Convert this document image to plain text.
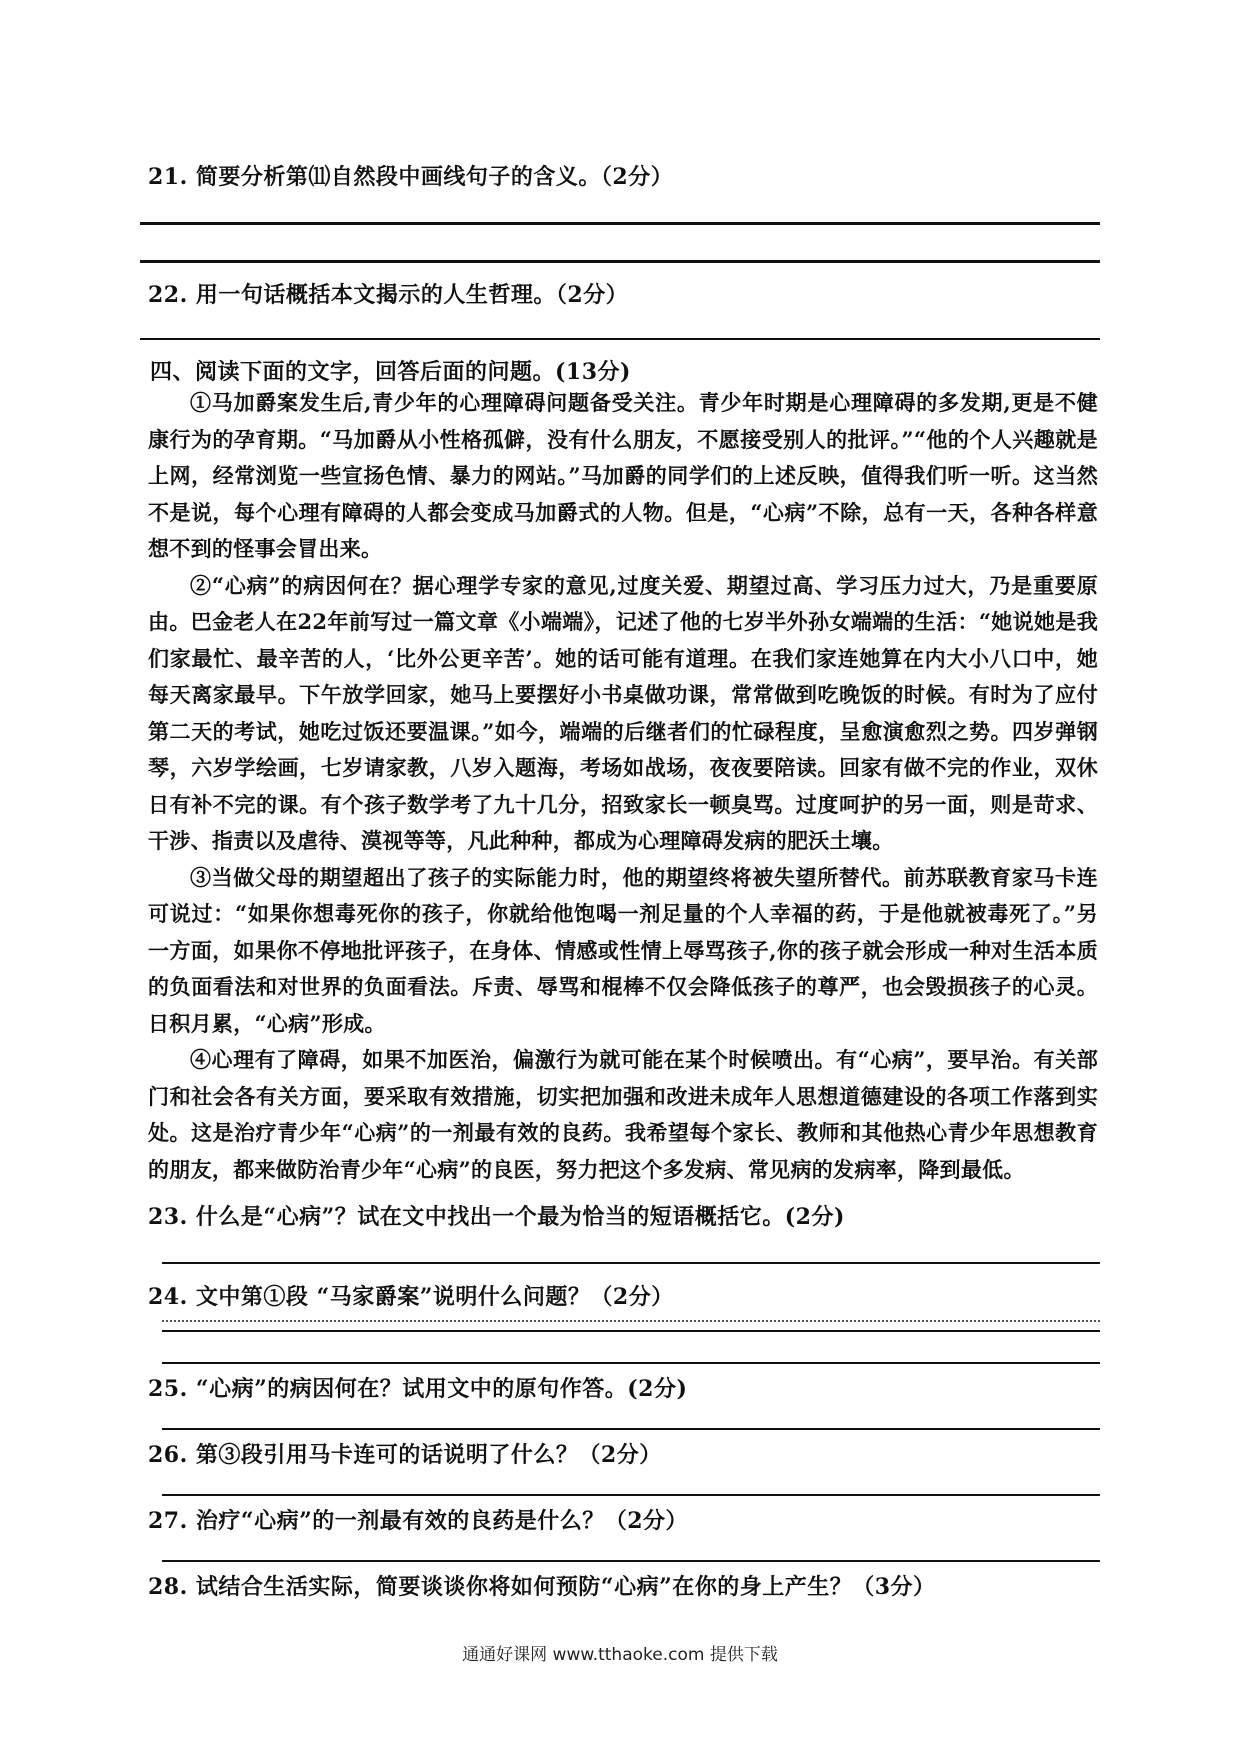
21. 简要分析第⑾自然段中画线句子的含义。（2分）
22. 用一句话概括本文揭示的人生哲理。（2分）
四、阅读下面的文字，回答后面的问题。(13分)

①马加爵案发生后,青少年的心理障碍问题备受关注。青少年时期是心理障碍的多发期,更是不健康行为的孕育期。“马加爵从小性格孤僻，没有什么朋友，不愿接受别人的批评。”“他的个人兴趣就是上网，经常浏览一些宣扬色情、暴力的网站。”马加爵的同学们的上述反映，值得我们听一听。这当然不是说，每个心理有障碍的人都会变成马加爵式的人物。但是，“心病”不除，总有一天，各种各样意想不到的怪事会冒出来。

②“心病”的病因何在？据心理学专家的意见,过度关爱、期望过高、学习压力过大，乃是重要原由。巴金老人在22年前写过一篇文章《小端端》，记述了他的七岁半外孙女端端的生活：“她说她是我们家最忙、最辛苦的人，‘比外公更辛苦’。她的话可能有道理。在我们家连她算在内大小八口中，她每天离家最早。下午放学回家，她马上要摆好小书桌做功课，常常做到吃晚饭的时候。有时为了应付第二天的考试，她吃过饭还要温课。”如今，端端的后继者们的忙碌程度，呈愈演愈烈之势。四岁弹钢琴，六岁学绘画，七岁请家教，八岁入题海，考场如战场，夜夜要陪读。回家有做不完的作业，双休日有补不完的课。有个孩子数学考了九十几分，招致家长一顿臭骂。过度呵护的另一面，则是苛求、干涉、指责以及虐待、漠视等等，凡此种种，都成为心理障碍发病的肥沃土壤。

③当做父母的期望超出了孩子的实际能力时，他的期望终将被失望所替代。前苏联教育家马卡连可说过：“如果你想毒死你的孩子，你就给他饱喝一剂足量的个人幸福的药，于是他就被毒死了。”另一方面，如果你不停地批评孩子，在身体、情感或性情上辱骂孩子,你的孩子就会形成一种对生活本质的负面看法和对世界的负面看法。斥责、辱骂和棍棒不仅会降低孩子的尊严，也会毁损孩子的心灵。日积月累，“心病”形成。

④心理有了障碍，如果不加医治，偏激行为就可能在某个时候喷出。有“心病”，要早治。有关部门和社会各有关方面，要采取有效措施，切实把加强和改进未成年人思想道德建设的各项工作落到实处。这是治疗青少年“心病”的一剂最有效的良药。我希望每个家长、教师和其他热心青少年思想教育的朋友，都来做防治青少年“心病”的良医，努力把这个多发病、常见病的发病率，降到最低。

23. 什么是“心病”？试在文中找出一个最为恰当的短语概括它。(2分)
24. 文中第①段 “马家爵案”说明什么问题？（2分）
25. “心病”的病因何在？试用文中的原句作答。(2分)
26. 第③段引用马卡连可的话说明了什么？（2分）
27. 治疗“心病”的一剂最有效的良药是什么？（2分）
28. 试结合生活实际，简要谈谈你将如何预防“心病”在你的身上产生？（3分）
通通好课网 www.tthaoke.com 提供下载
